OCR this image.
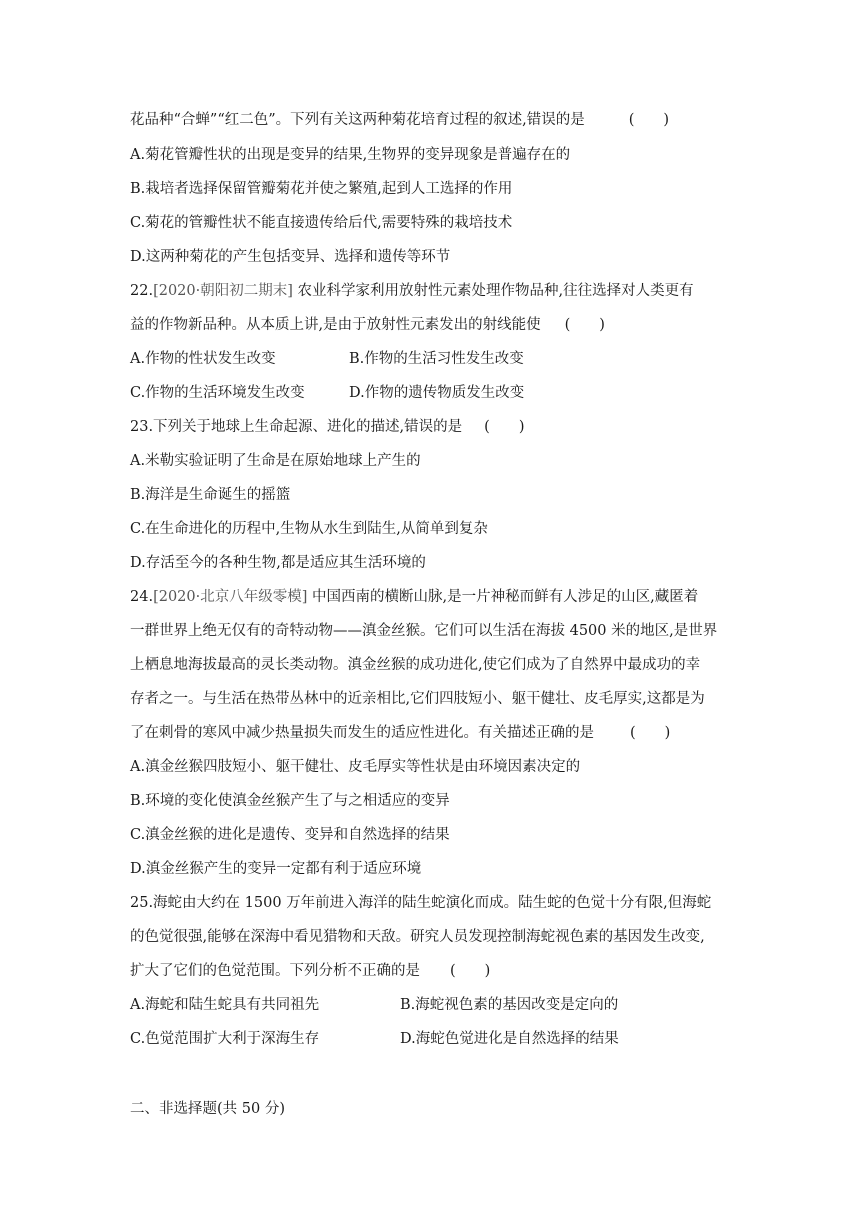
花品种“合蝉”“红二色”。下列有关这两种菊花培育过程的叙述,错误的是	(　　)
A.菊花管瓣性状的出现是变异的结果,生物界的变异现象是普遍存在的
B.栽培者选择保留管瓣菊花并使之繁殖,起到人工选择的作用
C.菊花的管瓣性状不能直接遗传给后代,需要特殊的栽培技术
D.这两种菊花的产生包括变异、选择和遗传等环节
22.[2020·朝阳初二期末] 农业科学家利用放射性元素处理作物品种,往往选择对人类更有
益的作物新品种。从本质上讲,是由于放射性元素发出的射线能使 (　　)
A.作物的性状发生改变	B.作物的生活习性发生改变
C.作物的生活环境发生改变	D.作物的遗传物质发生改变
23.下列关于地球上生命起源、进化的描述,错误的是 (　　)
A.米勒实验证明了生命是在原始地球上产生的
B.海洋是生命诞生的摇篮
C.在生命进化的历程中,生物从水生到陆生,从简单到复杂
D.存活至今的各种生物,都是适应其生活环境的
24.[2020·北京八年级零模] 中国西南的横断山脉,是一片神秘而鲜有人涉足的山区,藏匿着
一群世界上绝无仅有的奇特动物——滇金丝猴。它们可以生活在海拔 4500 米的地区,是世界
上栖息地海拔最高的灵长类动物。滇金丝猴的成功进化,使它们成为了自然界中最成功的幸
存者之一。与生活在热带丛林中的近亲相比,它们四肢短小、躯干健壮、皮毛厚实,这都是为
了在刺骨的寒风中减少热量损失而发生的适应性进化。有关描述正确的是 (　　)
A.滇金丝猴四肢短小、躯干健壮、皮毛厚实等性状是由环境因素决定的
B.环境的变化使滇金丝猴产生了与之相适应的变异
C.滇金丝猴的进化是遗传、变异和自然选择的结果
D.滇金丝猴产生的变异一定都有利于适应环境
25.海蛇由大约在 1500 万年前进入海洋的陆生蛇演化而成。陆生蛇的色觉十分有限,但海蛇
的色觉很强,能够在深海中看见猎物和天敌。研究人员发现控制海蛇视色素的基因发生改变,
扩大了它们的色觉范围。下列分析不正确的是 (　　)
A.海蛇和陆生蛇具有共同祖先	B.海蛇视色素的基因改变是定向的
C.色觉范围扩大利于深海生存	D.海蛇色觉进化是自然选择的结果
二、非选择题(共 50 分)
